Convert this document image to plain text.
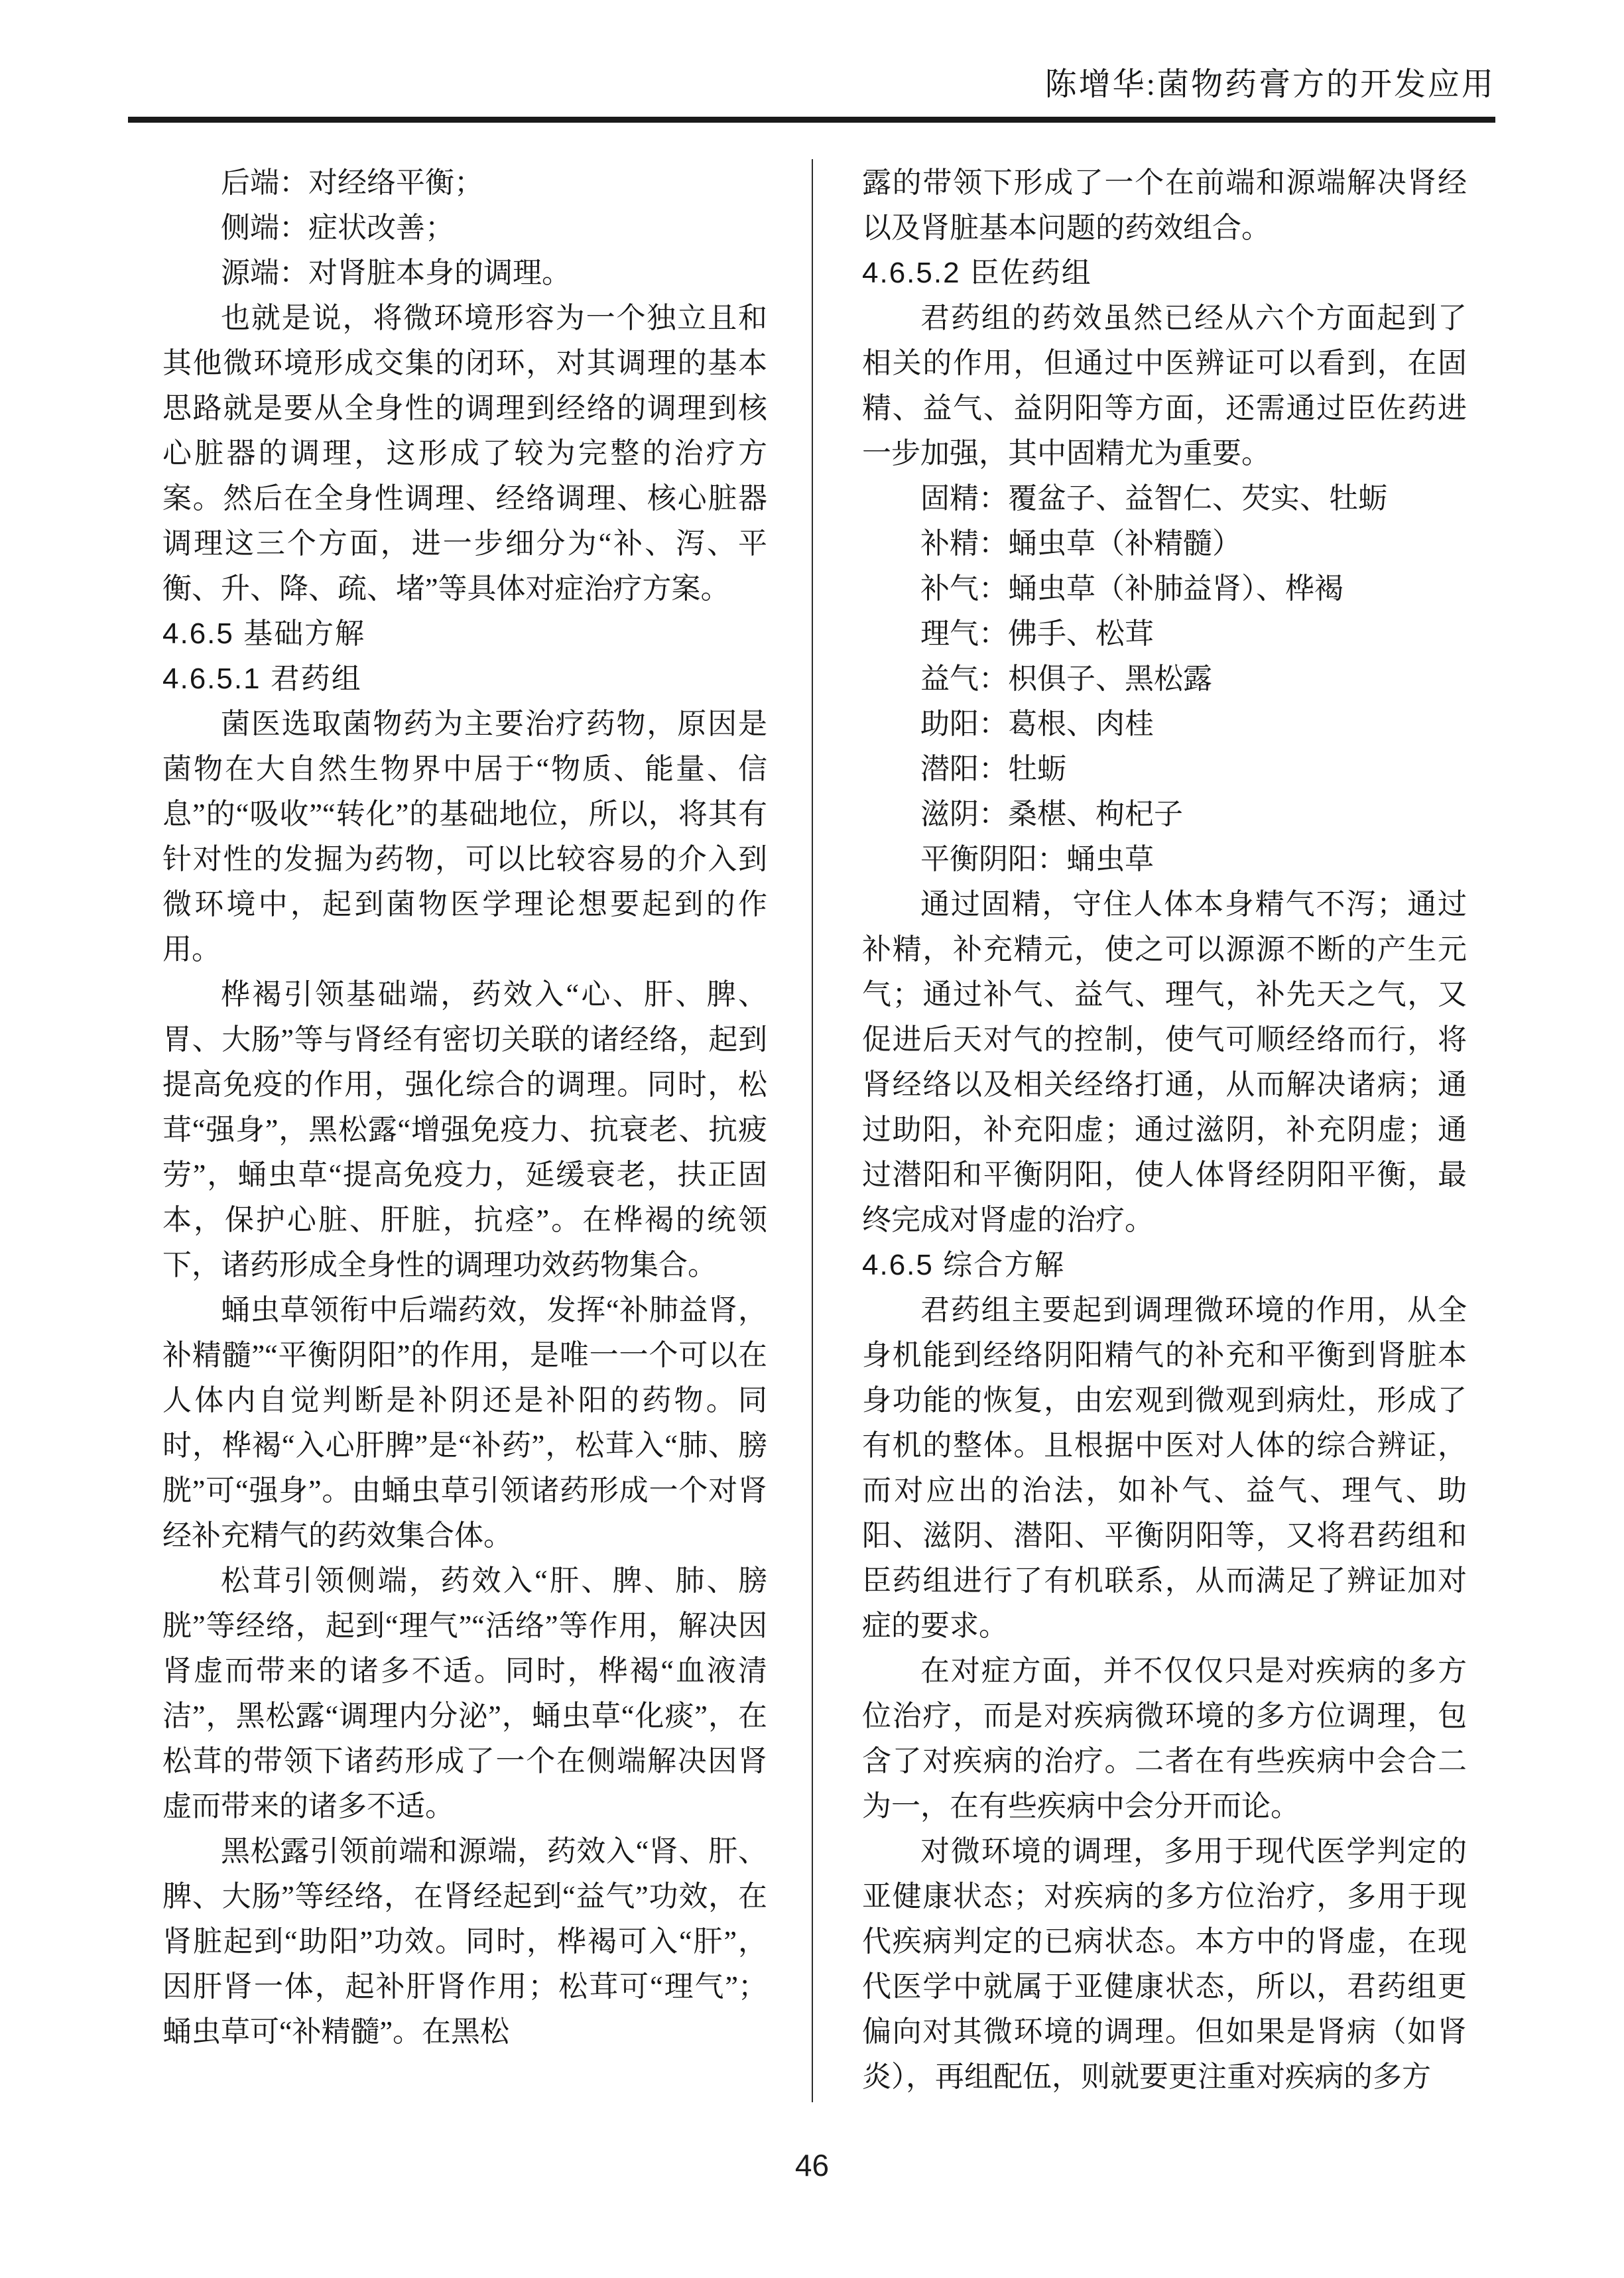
陈增华:菌物药膏方的开发应用

后端：对经络平衡；

侧端：症状改善；

源端：对肾脏本身的调理。

也就是说，将微环境形容为一个独立且和其他微环境形成交集的闭环，对其调理的基本思路就是要从全身性的调理到经络的调理到核心脏器的调理，这形成了较为完整的治疗方案。然后在全身性调理、经络调理、核心脏器调理这三个方面，进一步细分为“补、泻、平衡、升、降、疏、堵”等具体对症治疗方案。

4.6.5 基础方解

4.6.5.1 君药组

菌医选取菌物药为主要治疗药物，原因是菌物在大自然生物界中居于“物质、能量、信息”的“吸收”“转化”的基础地位，所以，将其有针对性的发掘为药物，可以比较容易的介入到微环境中，起到菌物医学理论想要起到的作用。

桦褐引领基础端，药效入“心、肝、脾、胃、大肠”等与肾经有密切关联的诸经络，起到提高免疫的作用，强化综合的调理。同时，松茸“强身”，黑松露“增强免疫力、抗衰老、抗疲劳”，蛹虫草“提高免疫力，延缓衰老，扶正固本，保护心脏、肝脏，抗痉”。在桦褐的统领下，诸药形成全身性的调理功效药物集合。

蛹虫草领衔中后端药效，发挥“补肺益肾，补精髓”“平衡阴阳”的作用，是唯一一个可以在人体内自觉判断是补阴还是补阳的药物。同时，桦褐“入心肝脾”是“补药”，松茸入“肺、膀胱”可“强身”。由蛹虫草引领诸药形成一个对肾经补充精气的药效集合体。

松茸引领侧端，药效入“肝、脾、肺、膀胱”等经络，起到“理气”“活络”等作用，解决因肾虚而带来的诸多不适。同时，桦褐“血液清洁”，黑松露“调理内分泌”，蛹虫草“化痰”，在松茸的带领下诸药形成了一个在侧端解决因肾虚而带来的诸多不适。

黑松露引领前端和源端，药效入“肾、肝、脾、大肠”等经络，在肾经起到“益气”功效，在肾脏起到“助阳”功效。同时，桦褐可入“肝”，因肝肾一体，起补肝肾作用；松茸可“理气”；蛹虫草可“补精髓”。在黑松

露的带领下形成了一个在前端和源端解决肾经以及肾脏基本问题的药效组合。

4.6.5.2 臣佐药组

君药组的药效虽然已经从六个方面起到了相关的作用，但通过中医辨证可以看到，在固精、益气、益阴阳等方面，还需通过臣佐药进一步加强，其中固精尤为重要。

固精：覆盆子、益智仁、芡实、牡蛎

补精：蛹虫草（补精髓）

补气：蛹虫草（补肺益肾）、桦褐

理气：佛手、松茸

益气：枳俱子、黑松露

助阳：葛根、肉桂

潜阳：牡蛎

滋阴：桑椹、枸杞子

平衡阴阳：蛹虫草

通过固精，守住人体本身精气不泻；通过补精，补充精元，使之可以源源不断的产生元气；通过补气、益气、理气，补先天之气，又促进后天对气的控制，使气可顺经络而行，将肾经络以及相关经络打通，从而解决诸病；通过助阳，补充阳虚；通过滋阴，补充阴虚；通过潜阳和平衡阴阳，使人体肾经阴阳平衡，最终完成对肾虚的治疗。

4.6.5 综合方解

君药组主要起到调理微环境的作用，从全身机能到经络阴阳精气的补充和平衡到肾脏本身功能的恢复，由宏观到微观到病灶，形成了有机的整体。且根据中医对人体的综合辨证，而对应出的治法，如补气、益气、理气、助阳、滋阴、潜阳、平衡阴阳等，又将君药组和臣药组进行了有机联系，从而满足了辨证加对症的要求。

在对症方面，并不仅仅只是对疾病的多方位治疗，而是对疾病微环境的多方位调理，包含了对疾病的治疗。二者在有些疾病中会合二为一，在有些疾病中会分开而论。

对微环境的调理，多用于现代医学判定的亚健康状态；对疾病的多方位治疗，多用于现代疾病判定的已病状态。本方中的肾虚，在现代医学中就属于亚健康状态，所以，君药组更偏向对其微环境的调理。但如果是肾病（如肾炎），再组配伍，则就要更注重对疾病的多方

46
